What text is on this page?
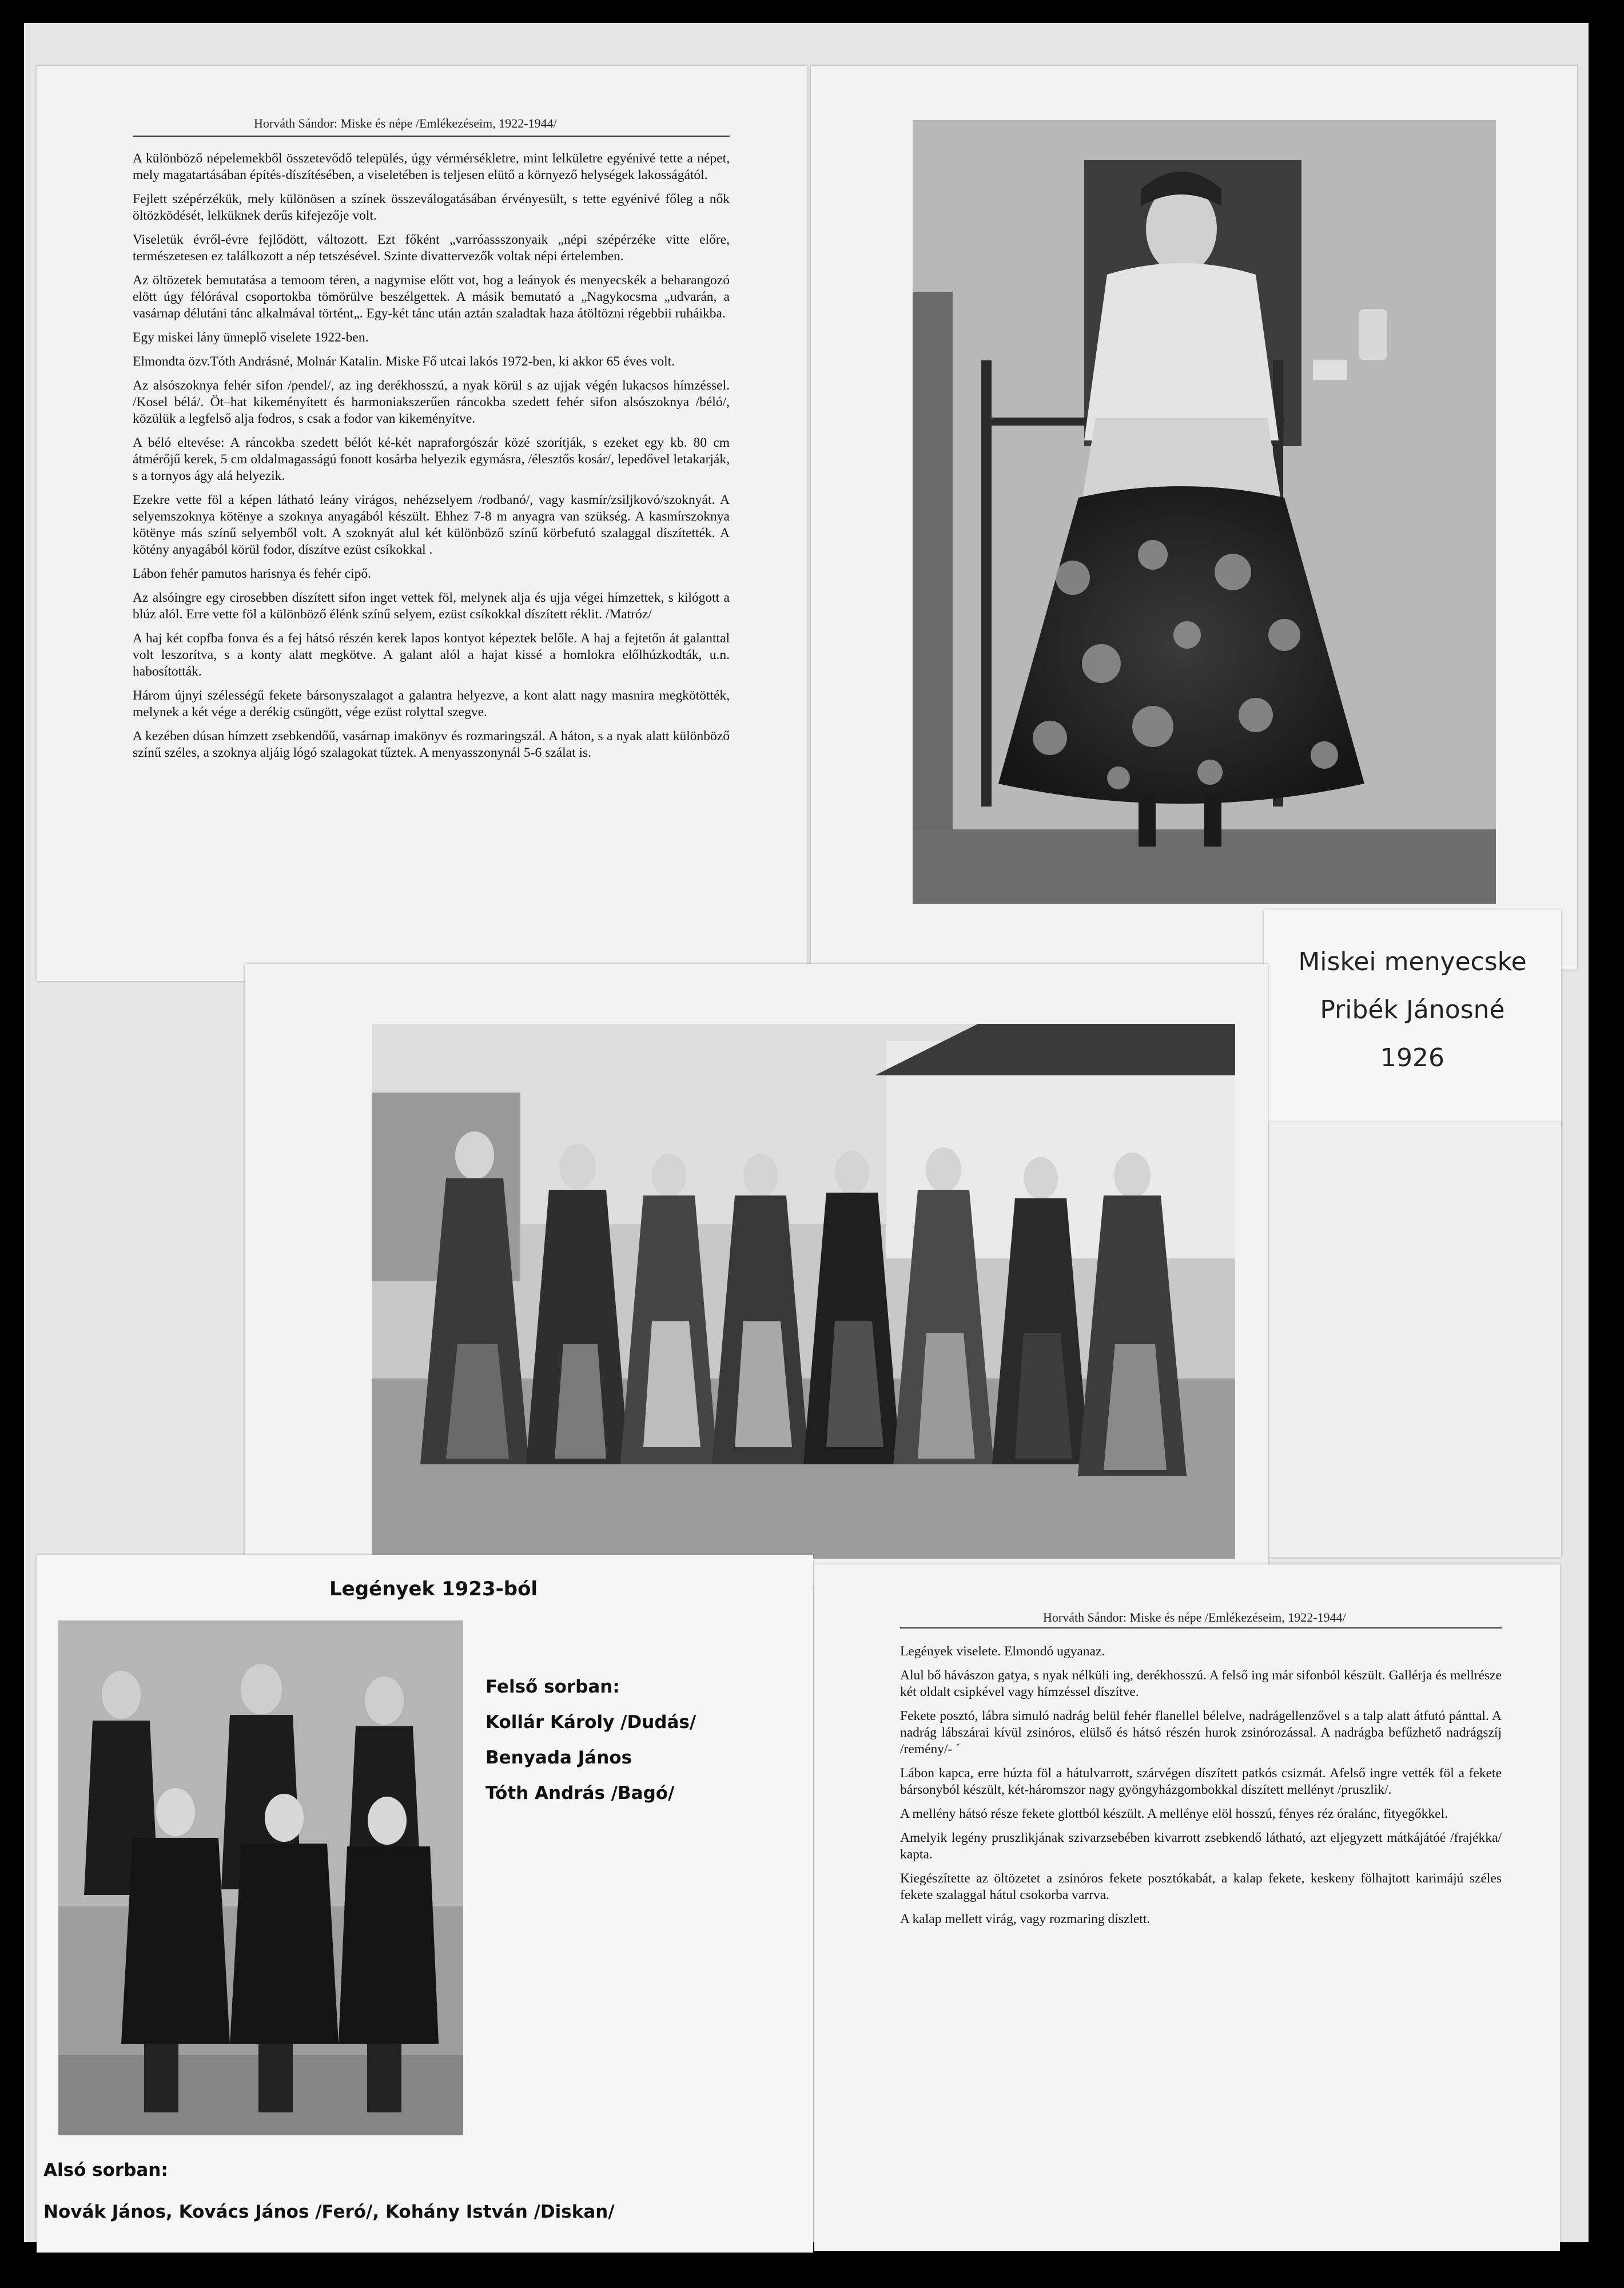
Horváth Sándor: Miske és népe /Emlékezéseim, 1922-1944/

A különböző népelemekből összetevődő település, úgy vérmérsékletre, mint lelkületre egyénivé tette a népet, mely magatartásában építés-díszítésében, a viseletében is teljesen elütő a környező helységek lakosságától.

Fejlett szépérzékük, mely különösen a színek összeválogatásában érvényesült, s tette egyénivé főleg a nők öltözködését, lelküknek derűs kifejezője volt.

Viseletük évről-évre fejlődött, változott. Ezt főként „varróassszonyaik „népi szépérzéke vitte előre, természetesen ez találkozott a nép tetszésével. Szinte divattervezők voltak népi értelemben.

Az öltözetek bemutatása a temoom téren, a nagymise előtt vot, hog a leányok és menyecskék a beharangozó elött úgy félórával csoportokba tömörülve beszélgettek. A másik bemutató a „Nagykocsma „udvarán, a vasárnap délutáni tánc alkalmával történt„. Egy-két tánc után aztán szaladtak haza átöltözni régebbii ruháikba.

Egy miskei lány ünneplő viselete 1922-ben.

Elmondta özv.Tóth Andrásné, Molnár Katalin. Miske Fő utcai lakós 1972-ben, ki akkor 65 éves volt.

Az alsószoknya fehér sifon /pendel/, az ing derékhosszú, a nyak körül s az ujjak végén lukacsos hímzéssel. /Kosel bélá/. Öt–hat kikeményített és harmoniakszerűen ráncokba szedett fehér sifon alsószoknya /béló/, közülük a legfelső alja fodros, s csak a fodor van kikeményítve.

A béló eltevése: A ráncokba szedett bélót ké-két napraforgószár közé szorítják, s ezeket egy kb. 80 cm átmérőjű kerek, 5 cm oldalmagasságú fonott kosárba helyezik egymásra, /élesztős kosár/, lepedővel letakarják, s a tornyos ágy alá helyezik.

Ezekre vette föl a képen látható leány virágos, nehézselyem /rodbanó/, vagy kasmír/zsiljkovó/szoknyát. A selyemszoknya kötënye a szoknya anyagából készült. Ehhez 7-8 m anyagra van szükség. A kasmírszoknya kötënye más színű selyemből volt. A szoknyát alul két különböző színű körbefutó szalaggal díszítették. A kötény anyagából körül fodor, díszítve ezüst csíkokkal .

Lábon fehér pamutos harisnya és fehér cipő.

Az alsóingre egy cirosebben díszített sifon inget vettek föl, melynek alja és ujja végei hímzettek, s kilógott a blúz alól. Erre vette föl a különböző élénk színű selyem, ezüst csíkokkal díszített réklit. /Matróz/

A haj két copfba fonva és a fej hátsó részén kerek lapos kontyot képeztek belőle. A haj a fejtetőn át galanttal volt leszorítva, s a konty alatt megkötve. A galant alól a hajat kissé a homlokra előlhúzkodták, u.n. habosították.

Három újnyi szélességű fekete bársonyszalagot a galantra helyezve, a kont alatt nagy masnira megkötötték, melynek a két vége a derékig csüngött, vége ezüst rolyttal szegve.

A kezében dúsan hímzett zsebkendőű, vasárnap imakönyv és rozmaringszál. A háton, s a nyak alatt különböző színű széles, a szoknya aljáig lógó szalagokat tűztek. A menyasszonynál 5-6 szálat is.

Miskei menyecske
Pribék Jánosné
1926
Legények 1923-ból
Felső sorban:
Kollár Károly /Dudás/
Benyada János
Tóth András /Bagó/
Alsó sorban:
Novák János, Kovács János /Feró/, Kohány István /Diskan/
Horváth Sándor: Miske és népe /Emlékezéseim, 1922-1944/

Legények viselete. Elmondó ugyanaz.

Alul bő hávászon gatya, s nyak nélküli ing, derékhosszú. A felső ing már sifonból készült. Gallérja és mellrésze két oldalt csipkével vagy hímzéssel díszítve.

Fekete posztó, lábra simuló nadrág belül fehér flanellel bélelve, nadrágellenzővel s a talp alatt átfutó pánttal. A nadrág lábszárai kívül zsinóros, elülső és hátsó részén hurok zsinórozással. A nadrágba befűzhető nadrágszíj /remény/- ´

Lábon kapca, erre húzta föl a hátulvarrott, szárvégen díszített patkós csizmát. Afelső ingre vették föl a fekete bársonyból készült, két-háromszor nagy gyöngyházgombokkal díszített mellényt /pruszlik/.

A mellény hátsó része fekete glottból készült. A mellénye elöl hosszú, fényes réz óralánc, fityegőkkel.

Amelyik legény pruszlikjának szivarzsebében kivarrott zsebkendő látható, azt eljegyzett mátkájátóé /frajékka/ kapta.

Kiegészítette az öltözetet a zsinóros fekete posztókabát, a kalap fekete, keskeny fölhajtott karimájú széles fekete szalaggal hátul csokorba varrva.

A kalap mellett virág, vagy rozmaring díszlett.
